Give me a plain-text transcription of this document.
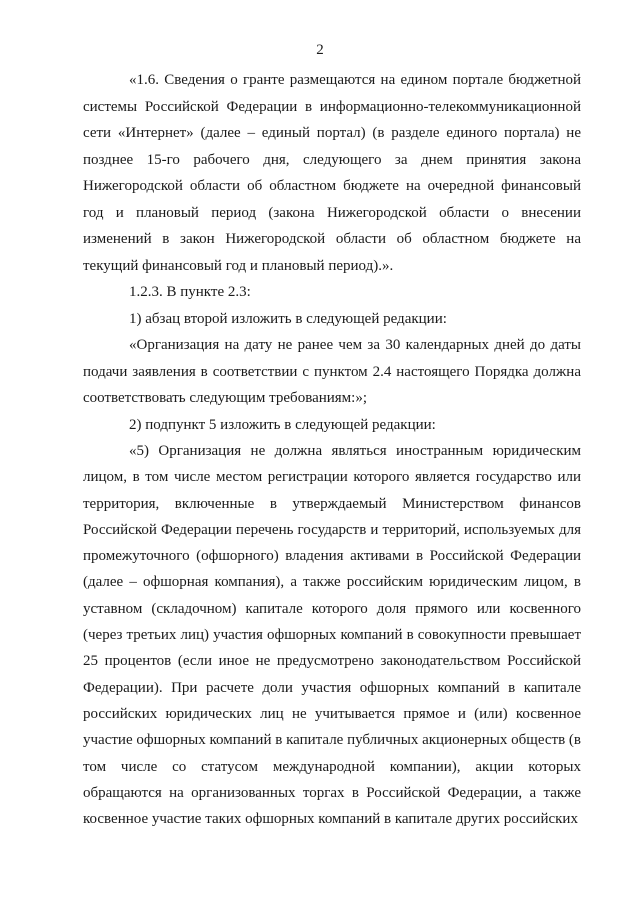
2

«1.6. Сведения о гранте размещаются на едином портале бюджетной системы Российской Федерации в информационно-телекоммуникационной сети «Интернет» (далее – единый портал) (в разделе единого портала) не позднее 15-го рабочего дня, следующего за днем принятия закона Нижегородской области об областном бюджете на очередной финансовый год и плановый период (закона Нижегородской области о внесении изменений в закон Нижегородской области об областном бюджете на текущий финансовый год и плановый период).».

1.2.3. В пункте 2.3:

1) абзац второй изложить в следующей редакции:

«Организация на дату не ранее чем за 30 календарных дней до даты подачи заявления в соответствии с пунктом 2.4 настоящего Порядка должна соответствовать следующим требованиям:»;

2) подпункт 5 изложить в следующей редакции:

«5) Организация не должна являться иностранным юридическим лицом, в том числе местом регистрации которого является государство или территория, включенные в утверждаемый Министерством финансов Российской Федерации перечень государств и территорий, используемых для промежуточного (офшорного) владения активами в Российской Федерации (далее – офшорная компания), а также российским юридическим лицом, в уставном (складочном) капитале которого доля прямого или косвенного (через третьих лиц) участия офшорных компаний в совокупности превышает 25 процентов (если иное не предусмотрено законодательством Российской Федерации). При расчете доли участия офшорных компаний в капитале российских юридических лиц не учитывается прямое и (или) косвенное участие офшорных компаний в капитале публичных акционерных обществ (в том числе со статусом международной компании), акции которых обращаются на организованных торгах в Российской Федерации, а также косвенное участие таких офшорных компаний в капитале других российских
